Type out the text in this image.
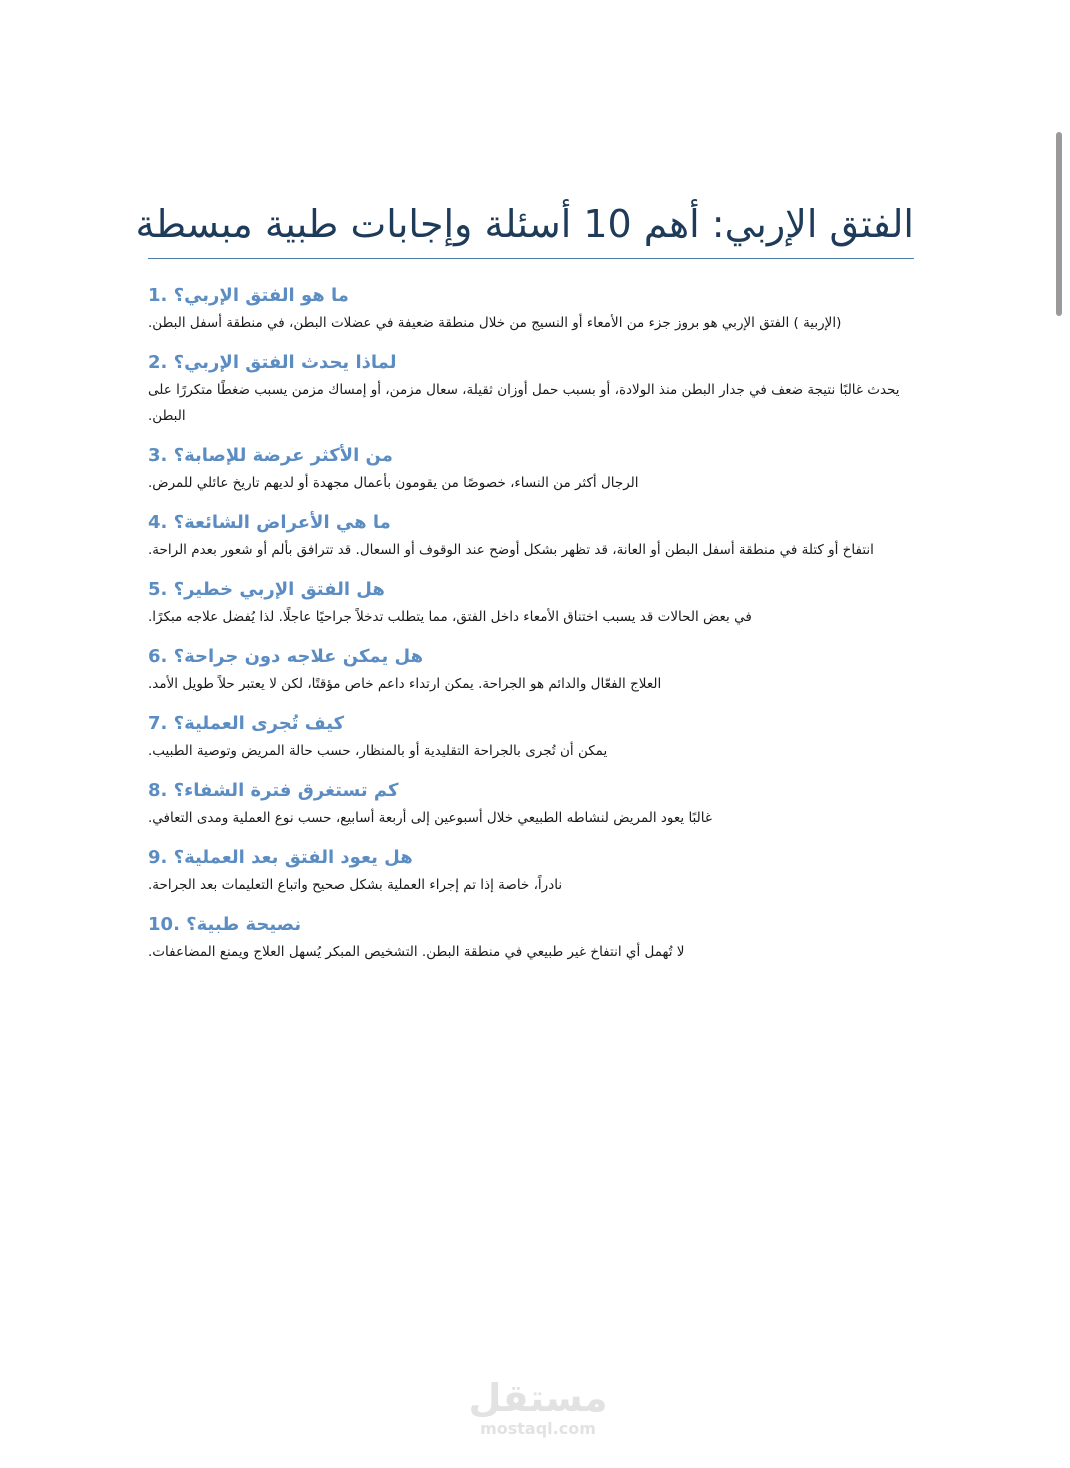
الفتق الإربي: أهم 10 أسئلة وإجابات طبية مبسطة
ما هو الفتق الإربي؟ .1
(الإربية ) الفتق الإربي هو بروز جزء من الأمعاء أو النسيج من خلال منطقة ضعيفة في عضلات البطن، في منطقة أسفل البطن.
لماذا يحدث الفتق الإربي؟ .2
يحدث غالبًا نتيجة ضعف في جدار البطن منذ الولادة، أو بسبب حمل أوزان ثقيلة، سعال مزمن، أو إمساك مزمن يسبب ضغطًا متكررًا على البطن.
من الأكثر عرضة للإصابة؟ .3
الرجال أكثر من النساء، خصوصًا من يقومون بأعمال مجهدة أو لديهم تاريخ عائلي للمرض.
ما هي الأعراض الشائعة؟ .4
انتفاخ أو كتلة في منطقة أسفل البطن أو العانة، قد تظهر بشكل أوضح عند الوقوف أو السعال. قد تترافق بألم أو شعور بعدم الراحة.
هل الفتق الإربي خطير؟ .5
في بعض الحالات قد يسبب اختناق الأمعاء داخل الفتق، مما يتطلب تدخلاً جراحيًا عاجلًا. لذا يُفضل علاجه مبكرًا.
هل يمكن علاجه دون جراحة؟ .6
العلاج الفعّال والدائم هو الجراحة. يمكن ارتداء داعم خاص مؤقتًا، لكن لا يعتبر حلاً طويل الأمد.
كيف تُجرى العملية؟ .7
يمكن أن تُجرى بالجراحة التقليدية أو بالمنظار، حسب حالة المريض وتوصية الطبيب.
كم تستغرق فترة الشفاء؟ .8
غالبًا يعود المريض لنشاطه الطبيعي خلال أسبوعين إلى أربعة أسابيع، حسب نوع العملية ومدى التعافي.
هل يعود الفتق بعد العملية؟ .9
نادراً، خاصة إذا تم إجراء العملية بشكل صحيح واتباع التعليمات بعد الجراحة.
نصيحة طبية؟ .10
لا تُهمل أي انتفاخ غير طبيعي في منطقة البطن. التشخيص المبكر يُسهل العلاج ويمنع المضاعفات.
مستقل
mostaql.com
